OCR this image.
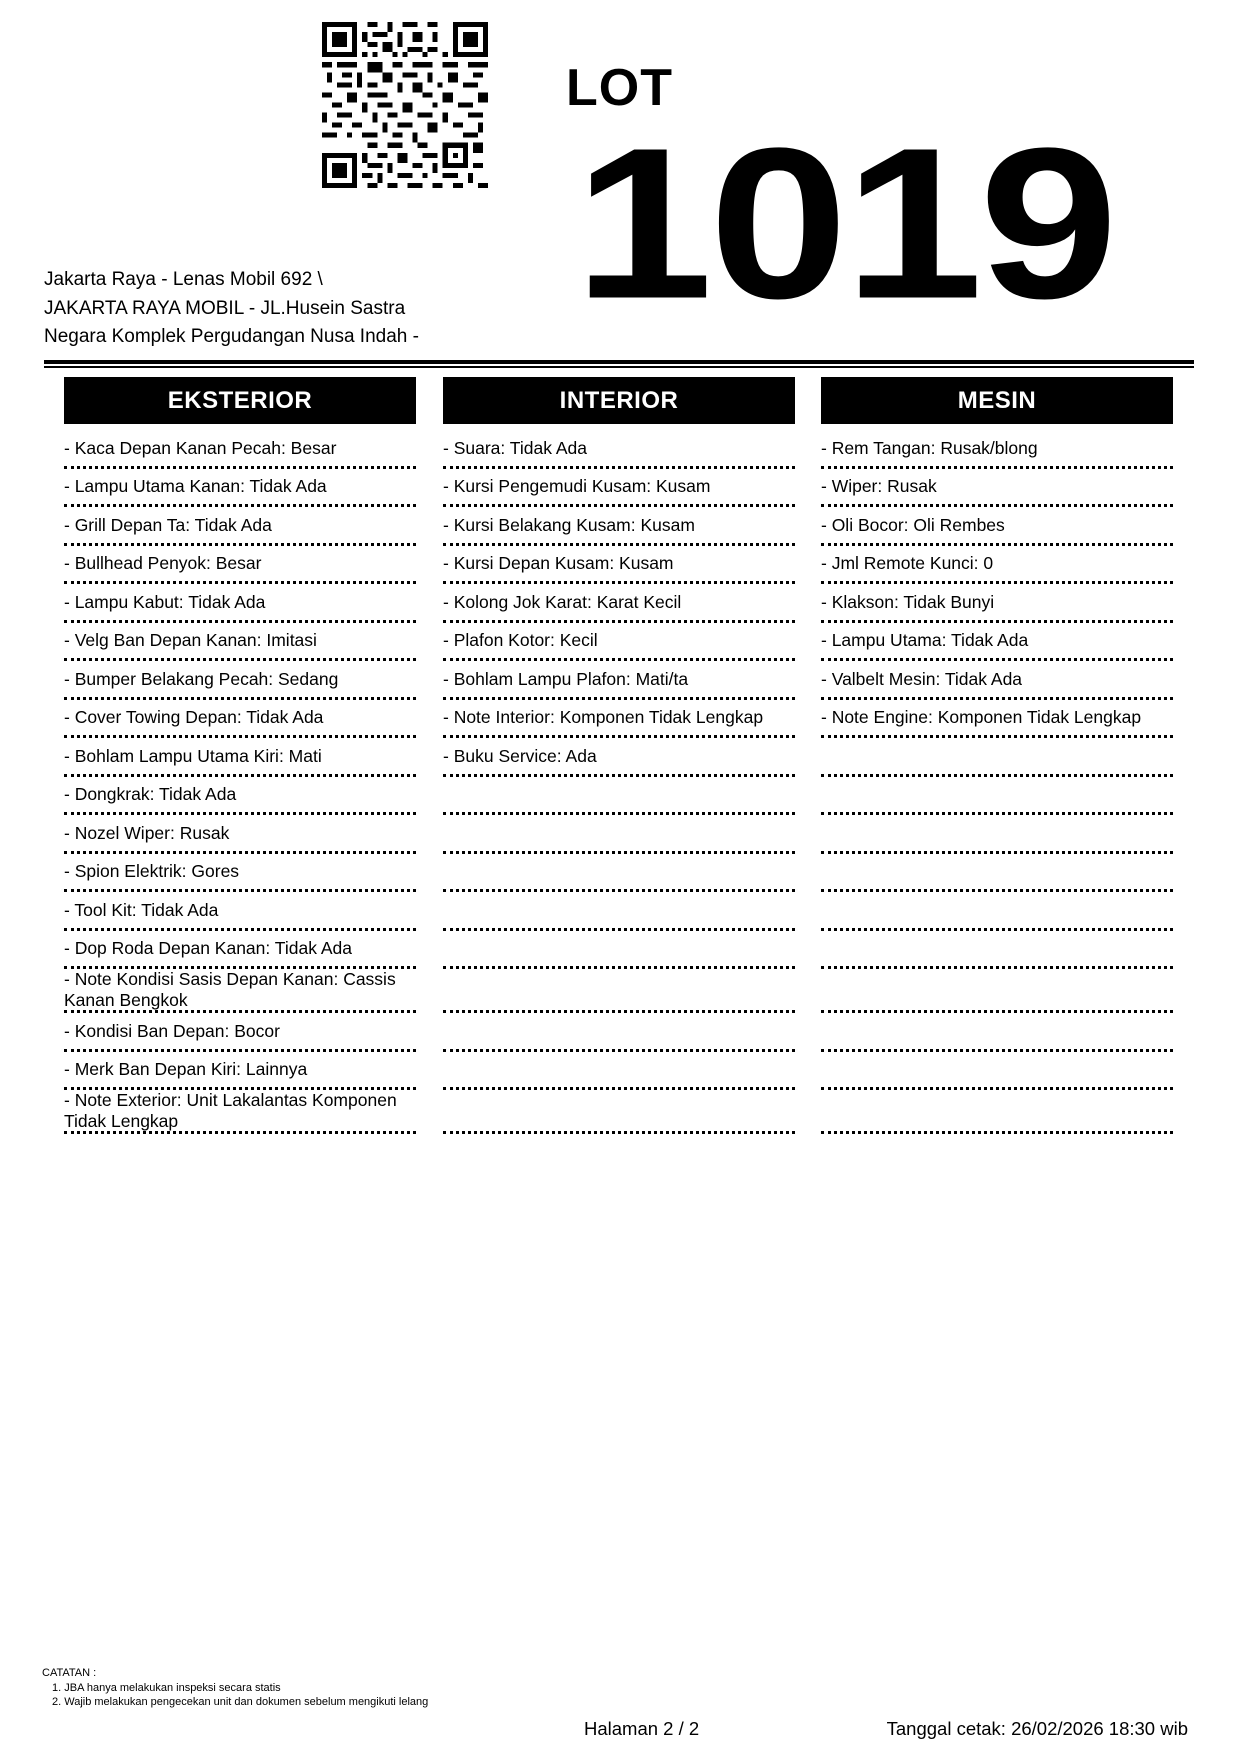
LOT
1019
Jakarta Raya - Lenas Mobil 692 \
JAKARTA RAYA MOBIL - JL.Husein Sastra
Negara Komplek Pergudangan Nusa Indah -
EKSTERIOR
- Kaca Depan Kanan Pecah: Besar
- Lampu Utama Kanan: Tidak Ada
- Grill Depan Ta: Tidak Ada
- Bullhead Penyok: Besar
- Lampu Kabut: Tidak Ada
- Velg Ban Depan Kanan: Imitasi
- Bumper Belakang Pecah: Sedang
- Cover Towing Depan: Tidak Ada
- Bohlam Lampu Utama Kiri: Mati
- Dongkrak: Tidak Ada
- Nozel Wiper: Rusak
- Spion Elektrik: Gores
- Tool Kit: Tidak Ada
- Dop Roda Depan Kanan: Tidak Ada
- Note Kondisi Sasis Depan Kanan: Cassis Kanan Bengkok
- Kondisi Ban Depan: Bocor
- Merk Ban Depan Kiri: Lainnya
- Note Exterior: Unit Lakalantas Komponen Tidak Lengkap
INTERIOR
- Suara: Tidak Ada
- Kursi Pengemudi Kusam: Kusam
- Kursi Belakang Kusam: Kusam
- Kursi Depan Kusam: Kusam
- Kolong Jok Karat: Karat Kecil
- Plafon Kotor: Kecil
- Bohlam Lampu Plafon: Mati/ta
- Note Interior: Komponen Tidak Lengkap
- Buku Service: Ada
MESIN
- Rem Tangan: Rusak/blong
- Wiper: Rusak
- Oli Bocor: Oli Rembes
- Jml Remote Kunci: 0
- Klakson: Tidak Bunyi
- Lampu Utama: Tidak Ada
- Valbelt Mesin: Tidak Ada
- Note Engine: Komponen Tidak Lengkap
CATATAN :
1. JBA hanya melakukan inspeksi secara statis
2. Wajib melakukan pengecekan unit dan dokumen sebelum mengikuti lelang
Halaman 2 / 2	Tanggal cetak: 26/02/2026 18:30 wib
